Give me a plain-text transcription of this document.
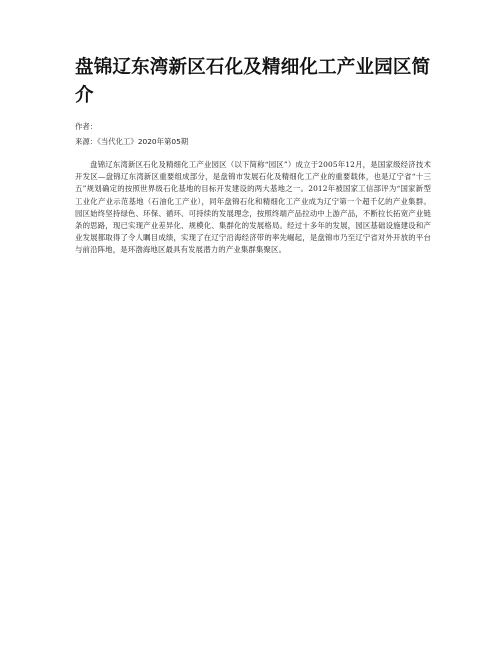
盘锦辽东湾新区石化及精细化工产业园区简介
作者：
来源：《当代化工》2020年第05期

盘锦辽东湾新区石化及精细化工产业园区（以下简称“园区”）成立于2005年12月，是国家级经济技术开发区—盘锦辽东湾新区重要组成部分，是盘锦市发展石化及精细化工产业的重要载体，也是辽宁省“十三五”规划确定的按照世界级石化基地的目标开发建设的两大基地之一。2012年被国家工信部评为“国家新型工业化产业示范基地（石油化工产业），同年盘锦石化和精细化工产业成为辽宁第一个超千亿的产业集群。园区始终坚持绿色、环保、循环、可持续的发展理念，按照终端产品拉动中上游产品，不断拉长拓宽产业链条的思路，现已实现产业差异化、规模化、集群化的发展格局。经过十多年的发展，园区基础设施建设和产业发展都取得了令人瞩目成绩，实现了在辽宁沿海经济带的率先崛起，是盘锦市乃至辽宁省对外开放的平台与前沿阵地，是环渤海地区最具有发展潜力的产业集群集聚区。
